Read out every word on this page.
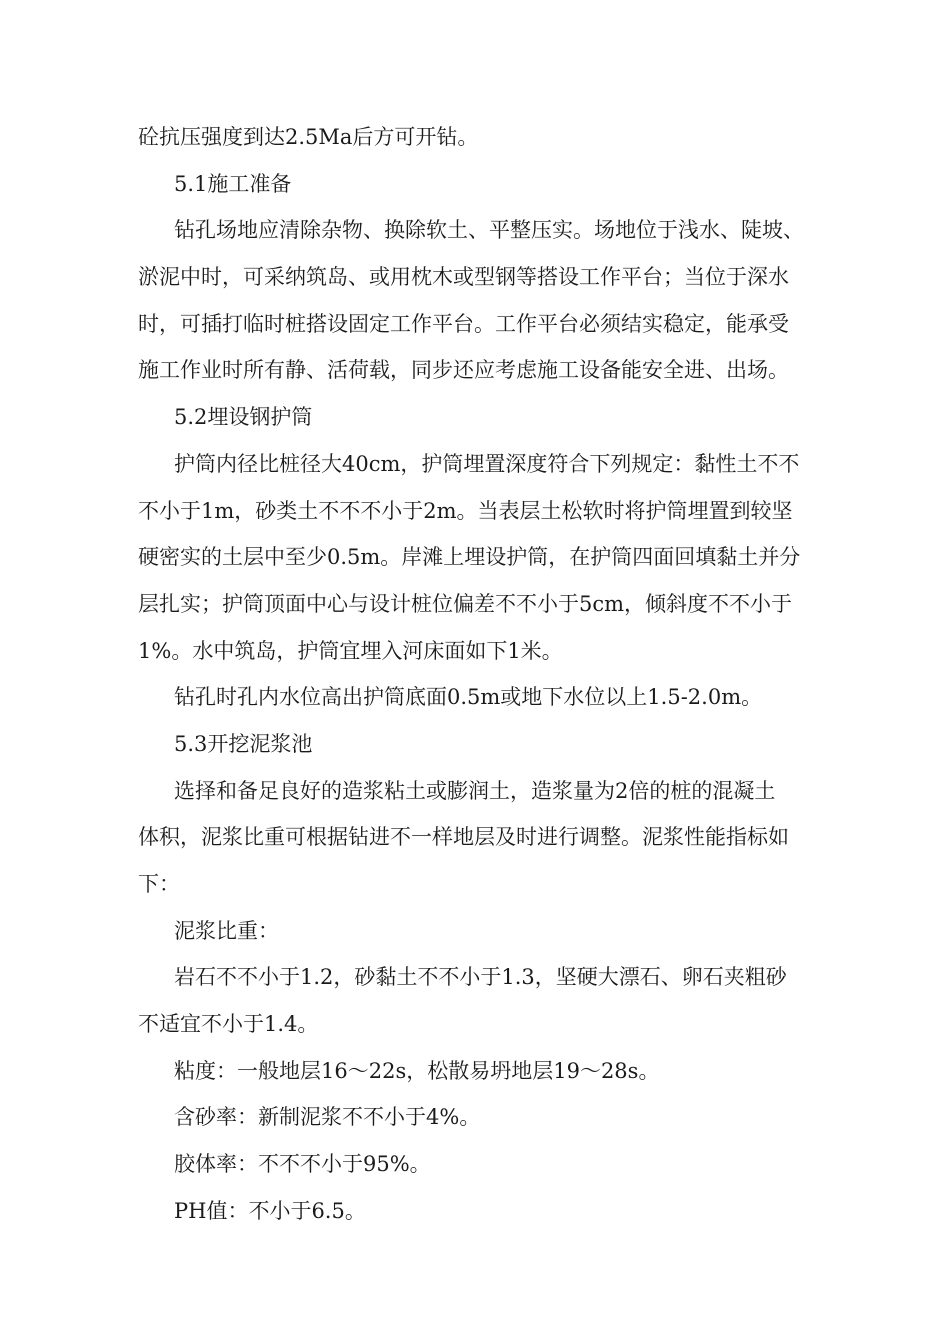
砼抗压强度到达2.5Ma后方可开钻。
5.1施工准备
钻孔场地应清除杂物、换除软土、平整压实。场地位于浅水、陡坡、
淤泥中时，可采纳筑岛、或用枕木或型钢等搭设工作平台；当位于深水
时，可插打临时桩搭设固定工作平台。工作平台必须结实稳定，能承受
施工作业时所有静、活荷载，同步还应考虑施工设备能安全进、出场。
5.2埋设钢护筒
护筒内径比桩径大40cm，护筒埋置深度符合下列规定：黏性土不不
不小于1m，砂类土不不不小于2m。当表层土松软时将护筒埋置到较坚
硬密实的土层中至少0.5m。岸滩上埋设护筒，在护筒四面回填黏土并分
层扎实；护筒顶面中心与设计桩位偏差不不小于5cm，倾斜度不不小于
1%。水中筑岛，护筒宜埋入河床面如下1米。
钻孔时孔内水位高出护筒底面0.5m或地下水位以上1.5-2.0m。
5.3开挖泥浆池
选择和备足良好的造浆粘土或膨润土，造浆量为2倍的桩的混凝土
体积，泥浆比重可根据钻进不一样地层及时进行调整。泥浆性能指标如
下：
泥浆比重：
岩石不不小于1.2，砂黏土不不小于1.3，坚硬大漂石、卵石夹粗砂
不适宜不小于1.4。
粘度：一般地层16～22s，松散易坍地层19～28s。
含砂率：新制泥浆不不小于4%。
胶体率：不不不小于95%。
PH值：不小于6.5。
